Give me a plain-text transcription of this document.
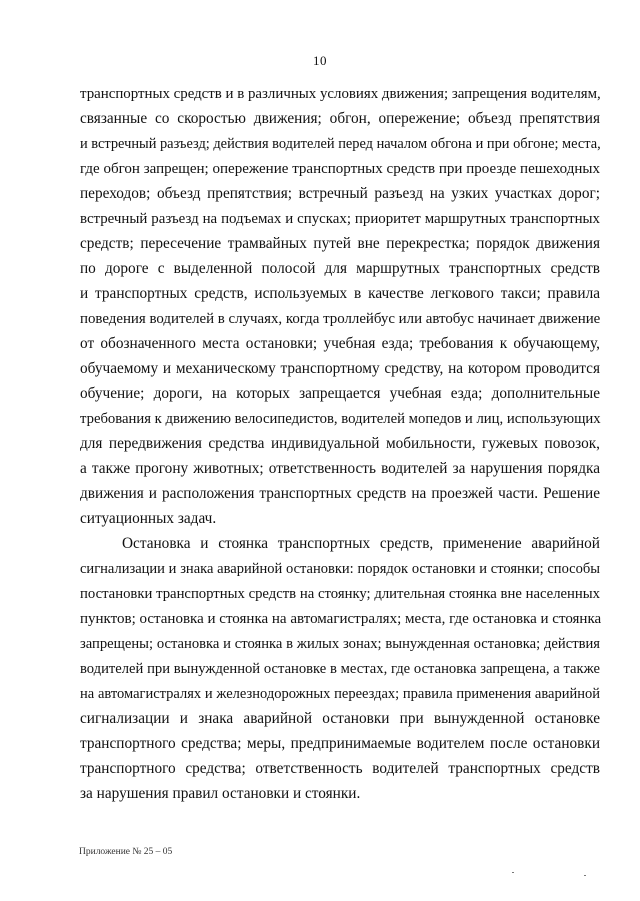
10
транспортных средств и в различных условиях движения; запрещения водителям,
связанные со скоростью движения; обгон, опережение; объезд препятствия
и встречный разъезд; действия водителей перед началом обгона и при обгоне; места,
где обгон запрещен; опережение транспортных средств при проезде пешеходных
переходов; объезд препятствия; встречный разъезд на узких участках дорог;
встречный разъезд на подъемах и спусках; приоритет маршрутных транспортных
средств; пересечение трамвайных путей вне перекрестка; порядок движения
по дороге с выделенной полосой для маршрутных транспортных средств
и транспортных средств, используемых в качестве легкового такси; правила
поведения водителей в случаях, когда троллейбус или автобус начинает движение
от обозначенного места остановки; учебная езда; требования к обучающему,
обучаемому и механическому транспортному средству, на котором проводится
обучение; дороги, на которых запрещается учебная езда; дополнительные
требования к движению велосипедистов, водителей мопедов и лиц, использующих
для передвижения средства индивидуальной мобильности, гужевых повозок,
а также прогону животных; ответственность водителей за нарушения порядка
движения и расположения транспортных средств на проезжей части. Решение
ситуационных задач.
Остановка и стоянка транспортных средств, применение аварийной
сигнализации и знака аварийной остановки: порядок остановки и стоянки; способы
постановки транспортных средств на стоянку; длительная стоянка вне населенных
пунктов; остановка и стоянка на автомагистралях; места, где остановка и стоянка
запрещены; остановка и стоянка в жилых зонах; вынужденная остановка; действия
водителей при вынужденной остановке в местах, где остановка запрещена, а также
на автомагистралях и железнодорожных переездах; правила применения аварийной
сигнализации и знака аварийной остановки при вынужденной остановке
транспортного средства; меры, предпринимаемые водителем после остановки
транспортного средства; ответственность водителей транспортных средств
за нарушения правил остановки и стоянки.
Приложение № 25 – 05
